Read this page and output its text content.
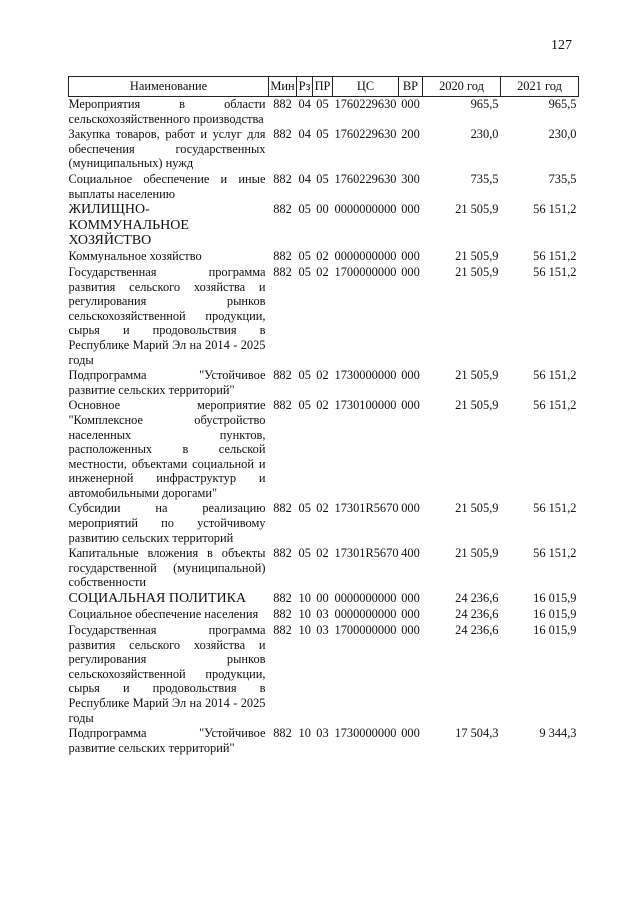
127
Наименование	Мин	Рз	ПР	ЦС	ВР	2020 год	2021 год
Мероприятия в области сельскохозяйственного производства	882	04	05	1760229630	000	965,5	965,5
Закупка товаров, работ и услуг для обеспечения государственных (муниципальных) нужд	882	04	05	1760229630	200	230,0	230,0
Социальное обеспечение и иные выплаты населению	882	04	05	1760229630	300	735,5	735,5
ЖИЛИЩНО-КОММУНАЛЬНОЕ ХОЗЯЙСТВО	882	05	00	0000000000	000	21 505,9	56 151,2
Коммунальное хозяйство	882	05	02	0000000000	000	21 505,9	56 151,2
Государственная программа развития сельского хозяйства и регулирования рынков сельскохозяйственной продукции, сырья и продовольствия в Республике Марий Эл на 2014 - 2025 годы	882	05	02	1700000000	000	21 505,9	56 151,2
Подпрограмма "Устойчивое развитие сельских территорий"	882	05	02	1730000000	000	21 505,9	56 151,2
Основное мероприятие "Комплексное обустройство населенных пунктов, расположенных в сельской местности, объектами социальной и инженерной инфраструктур и автомобильными дорогами"	882	05	02	1730100000	000	21 505,9	56 151,2
Субсидии на реализацию мероприятий по устойчивому развитию сельских территорий	882	05	02	17301R5670	000	21 505,9	56 151,2
Капитальные вложения в объекты государственной (муниципальной) собственности	882	05	02	17301R5670	400	21 505,9	56 151,2
СОЦИАЛЬНАЯ ПОЛИТИКА	882	10	00	0000000000	000	24 236,6	16 015,9
Социальное обеспечение населения	882	10	03	0000000000	000	24 236,6	16 015,9
Государственная программа развития сельского хозяйства и регулирования рынков сельскохозяйственной продукции, сырья и продовольствия в Республике Марий Эл на 2014 - 2025 годы	882	10	03	1700000000	000	24 236,6	16 015,9
Подпрограмма "Устойчивое развитие сельских территорий"	882	10	03	1730000000	000	17 504,3	9 344,3
